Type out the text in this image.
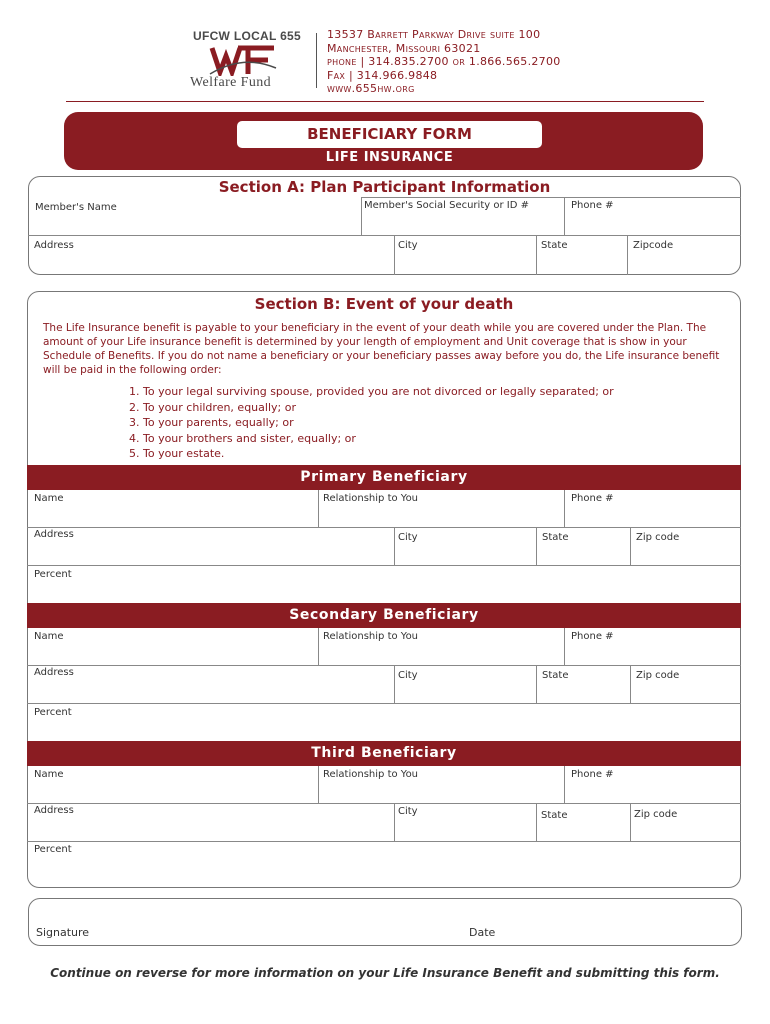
UFCW LOCAL 655
Welfare Fund
13537 Barrett Parkway Drive suite 100
Manchester, Missouri 63021
phone | 314.835.2700 or 1.866.565.2700
Fax | 314.966.9848
www.655hw.org
BENEFICIARY FORM
LIFE INSURANCE
Section A: Plan Participant Information
Member's Name	Member's Social Security or ID #	Phone #
Address	City	State	Zipcode
Section B: Event of your death
The Life Insurance benefit is payable to your beneficiary in the event of your death while you are covered under the Plan. The amount of your Life insurance benefit is determined by your length of employment and Unit coverage that is show in your Schedule of Benefits. If you do not name a beneficiary or your beneficiary passes away before you do, the Life insurance benefit will be paid in the following order:
1. To your legal surviving spouse, provided you are not divorced or legally separated; or
2. To your children, equally; or
3. To your parents, equally; or
4. To your brothers and sister, equally; or
5. To your estate.
Primary Beneficiary
Name	Relationship to You	Phone #
Address	City	State	Zip code
Percent
Secondary Beneficiary
Name	Relationship to You	Phone #
Address	City	State	Zip code
Percent
Third Beneficiary
Name	Relationship to You	Phone #
Address	City	State	Zip code
Percent
Signature	Date
Continue on reverse for more information on your Life Insurance Benefit and submitting this form.
